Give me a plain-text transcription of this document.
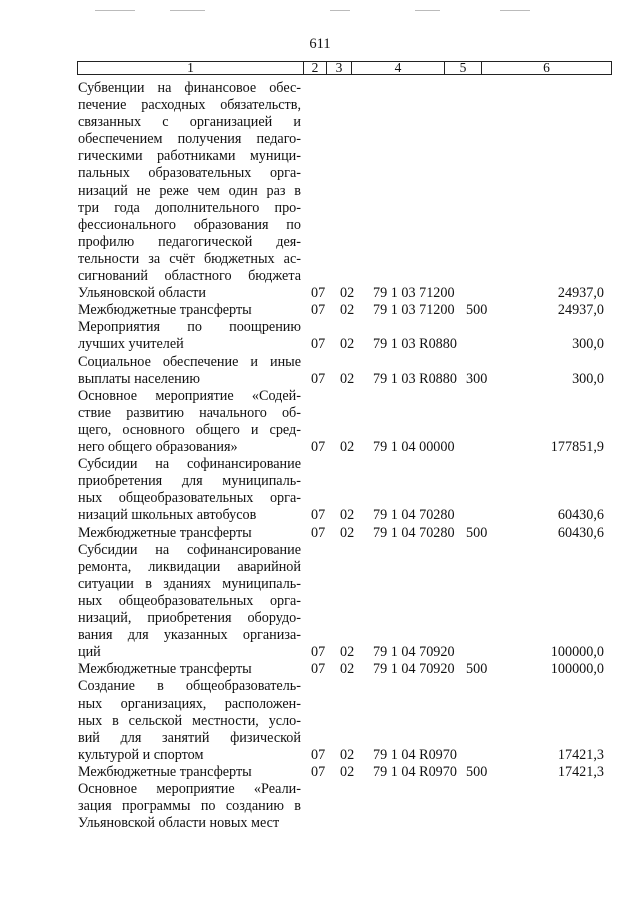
611
1	2	3	4	5	6
Субвенции на финансовое обес-
печение расходных обязательств,
связанных с организацией и
обеспечением получения педаго-
гическими работниками муници-
пальных образовательных орга-
низаций не реже чем один раз в
три года дополнительного про-
фессионального образования по
профилю педагогической дея-
тельности за счёт бюджетных ас-
сигнований областного бюджета
Ульяновской области	07 02 79 1 03 71200	24937,0
Межбюджетные трансферты	07 02 79 1 03 71200 500	24937,0
Мероприятия по поощрению
лучших учителей	07 02 79 1 03 R0880	300,0
Социальное обеспечение и иные
выплаты населению	07 02 79 1 03 R0880 300	300,0
Основное мероприятие «Содей-
ствие развитию начального об-
щего, основного общего и сред-
него общего образования»	07 02 79 1 04 00000	177851,9
Субсидии на софинансирование
приобретения для муниципаль-
ных общеобразовательных орга-
низаций школьных автобусов	07 02 79 1 04 70280	60430,6
Межбюджетные трансферты	07 02 79 1 04 70280 500	60430,6
Субсидии на софинансирование
ремонта, ликвидации аварийной
ситуации в зданиях муниципаль-
ных общеобразовательных орга-
низаций, приобретения оборудо-
вания для указанных организа-
ций	07 02 79 1 04 70920	100000,0
Межбюджетные трансферты	07 02 79 1 04 70920 500	100000,0
Создание в общеобразователь-
ных организациях, расположен-
ных в сельской местности, усло-
вий для занятий физической
культурой и спортом	07 02 79 1 04 R0970	17421,3
Межбюджетные трансферты	07 02 79 1 04 R0970 500	17421,3
Основное мероприятие «Реали-
зация программы по созданию в
Ульяновской области новых мест
